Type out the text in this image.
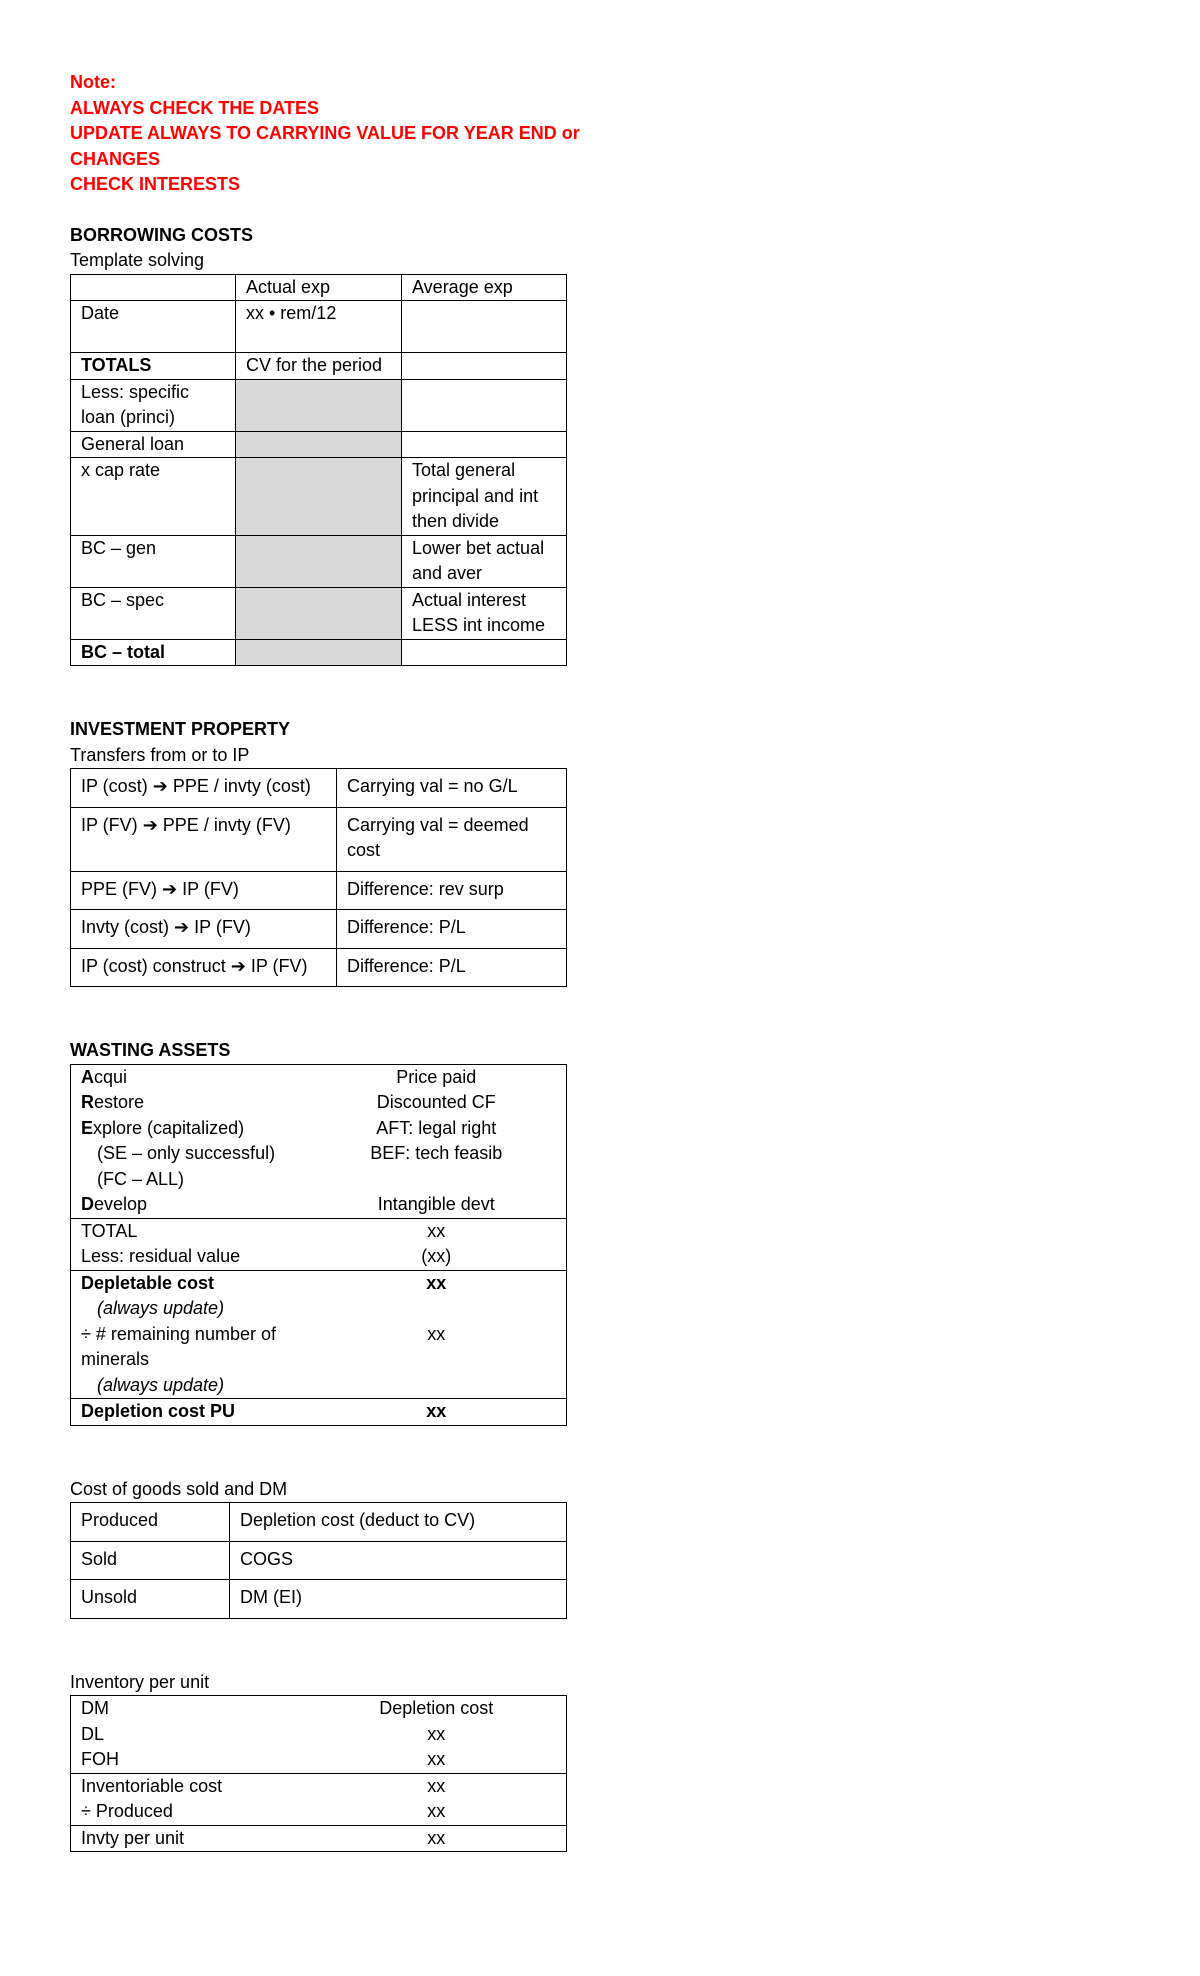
Note:
ALWAYS CHECK THE DATES
UPDATE ALWAYS TO CARRYING VALUE FOR YEAR END or
CHANGES
CHECK INTERESTS
BORROWING COSTS
Template solving
	Actual exp	Average exp
Date	xx • rem/12	
TOTALS	CV for the period	
Less: specific loan (princi)		
General loan		
x cap rate		Total general principal and int then divide
BC – gen		Lower bet actual and aver
BC – spec		Actual interest LESS int income
BC – total		
INVESTMENT PROPERTY
Transfers from or to IP
IP (cost) ➔ PPE / invty (cost)	Carrying val = no G/L
IP (FV) ➔ PPE / invty (FV)	Carrying val = deemed cost
PPE (FV) ➔ IP (FV)	Difference: rev surp
Invty (cost) ➔ IP (FV)	Difference: P/L
IP (cost) construct ➔ IP (FV)	Difference: P/L
WASTING ASSETS
Acqui	Price paid
Restore	Discounted CF
Explore (capitalized)	AFT: legal right
(SE – only successful)	BEF: tech feasib
(FC – ALL)	
Develop	Intangible devt
TOTAL	xx
Less: residual value	(xx)
Depletable cost	xx
(always update)	
÷ # remaining number of minerals	xx
(always update)	
Depletion cost PU	xx
Cost of goods sold and DM
Produced	Depletion cost (deduct to CV)
Sold	COGS
Unsold	DM (EI)
Inventory per unit
DM	Depletion cost
DL	xx
FOH	xx
Inventoriable cost	xx
÷ Produced	xx
Invty per unit	xx
